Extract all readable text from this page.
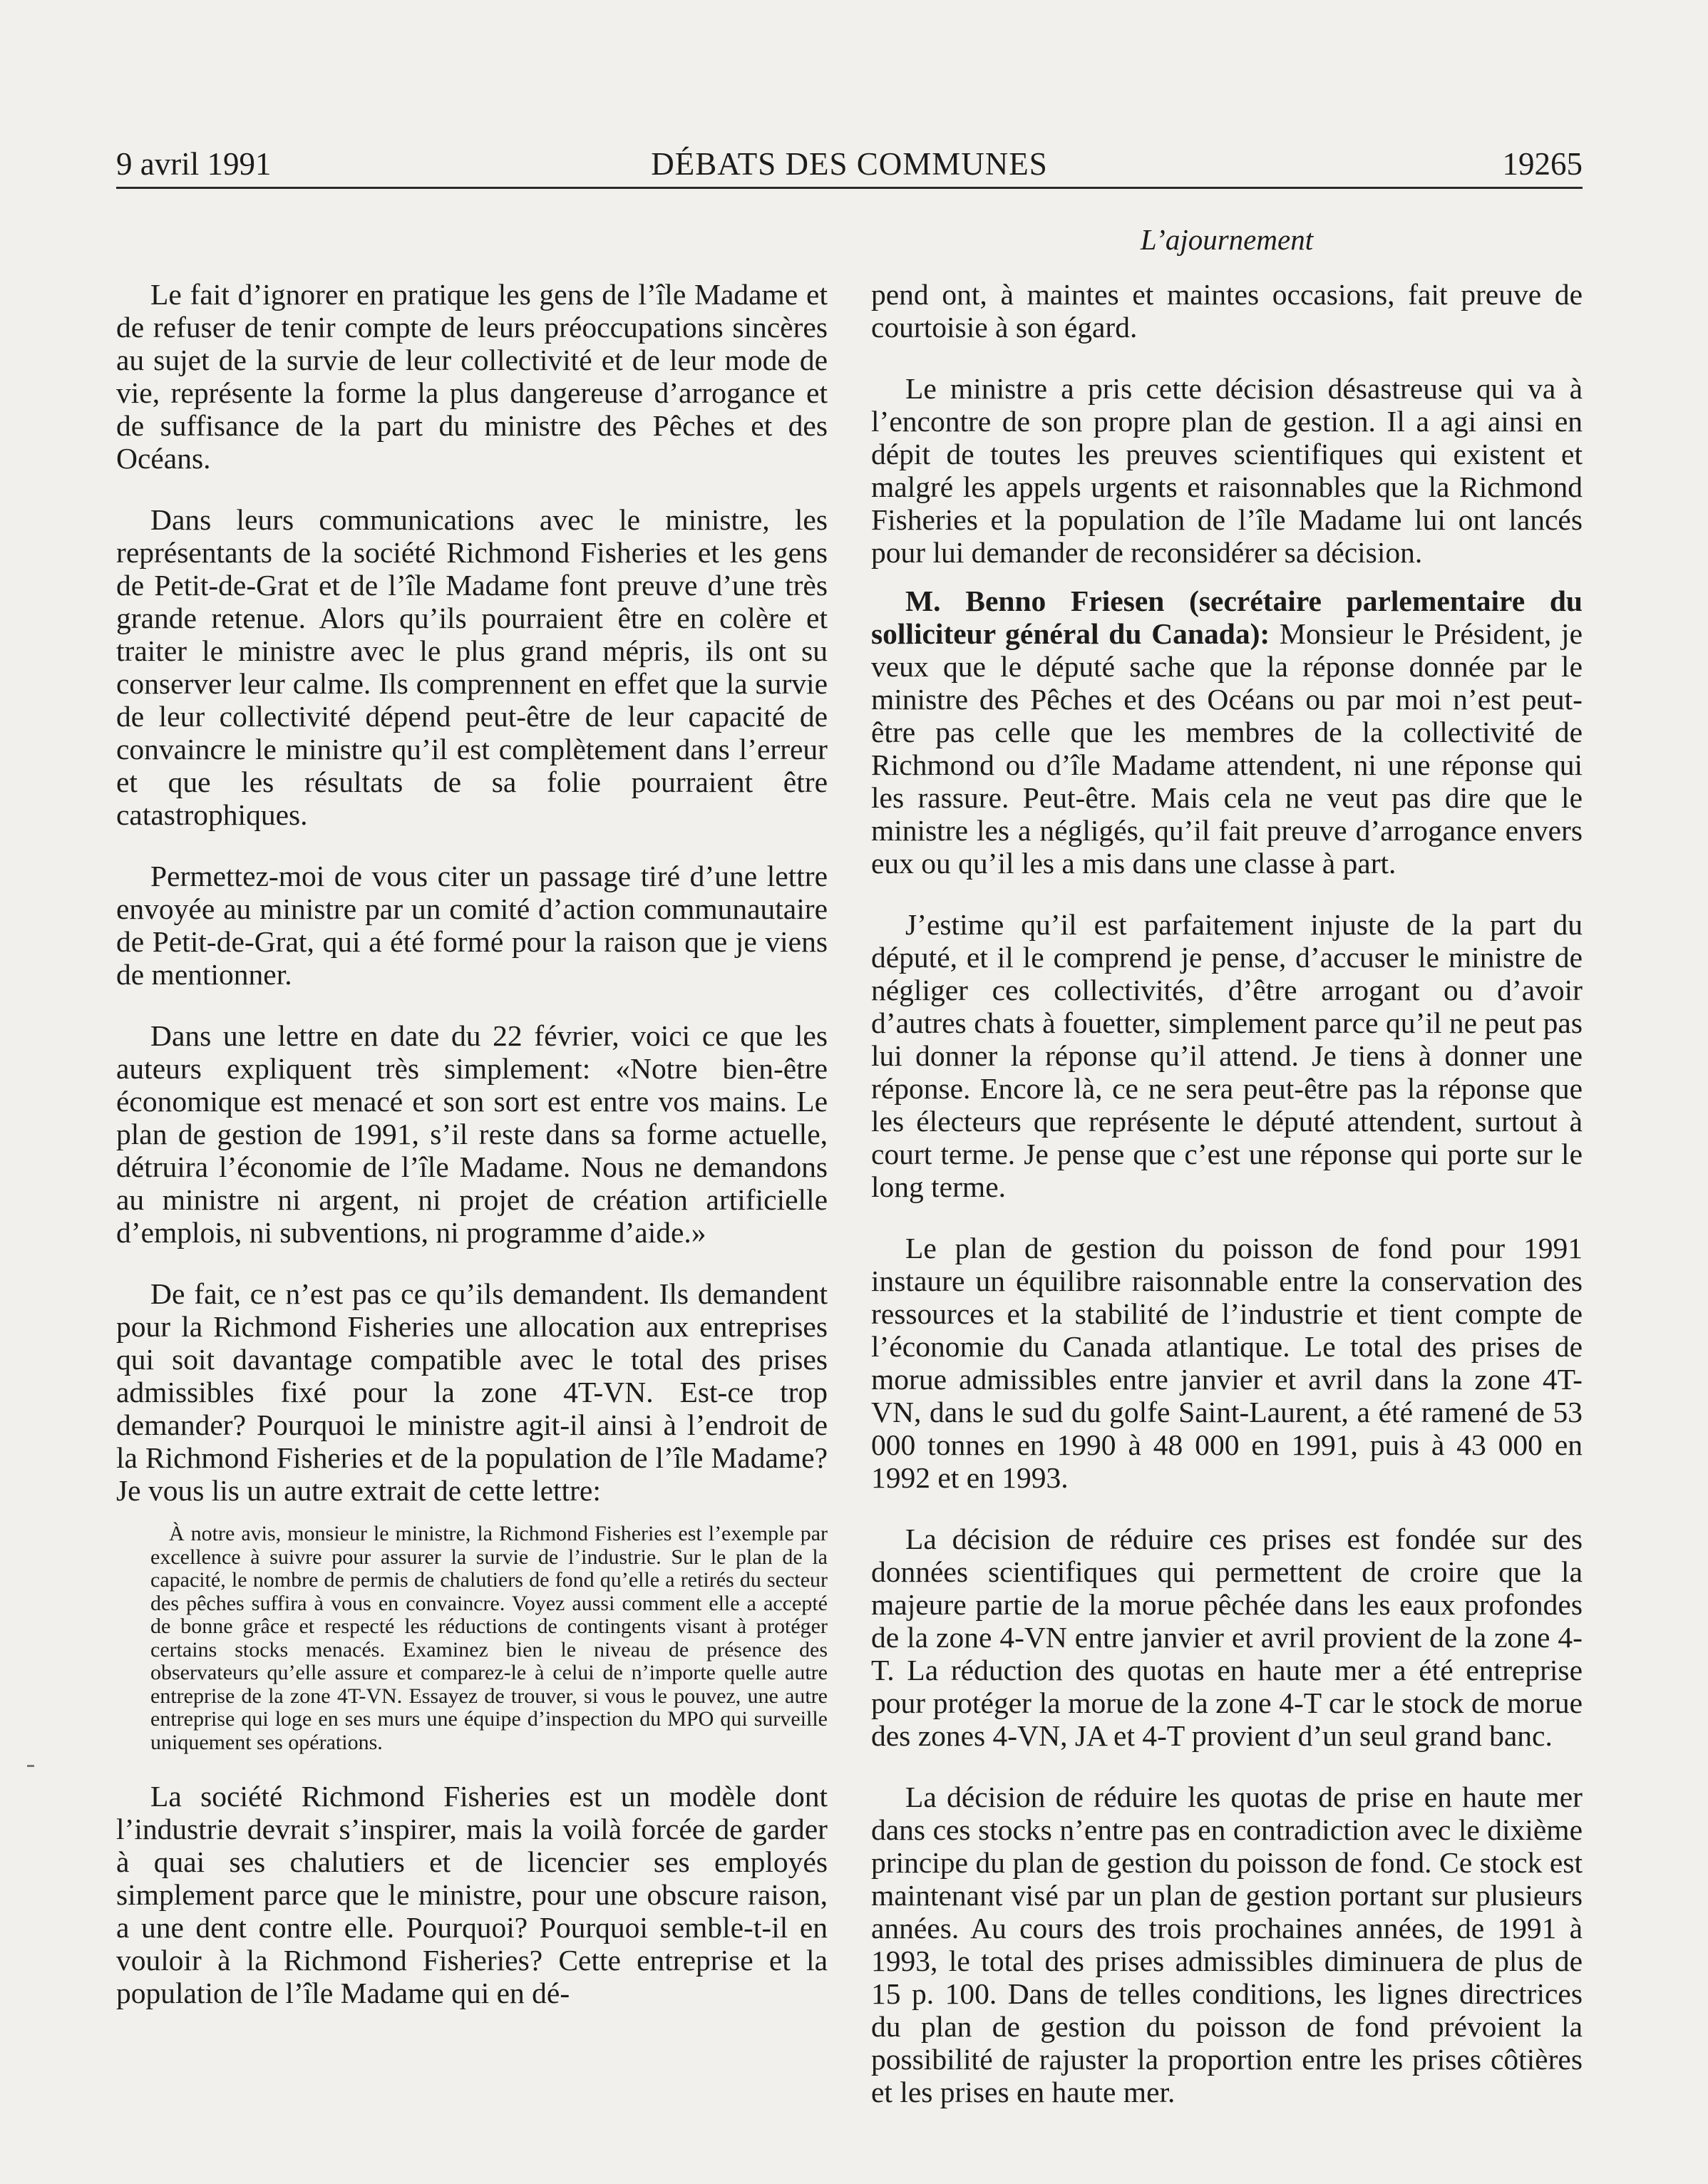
9 avril 1991	DÉBATS DES COMMUNES	19265
L’ajournement

Le fait d’ignorer en pratique les gens de l’île Madame et de refuser de tenir compte de leurs préoccupations sincères au sujet de la survie de leur collectivité et de leur mode de vie, représente la forme la plus dangereuse d’arrogance et de suffisance de la part du ministre des Pêches et des Océans.

Dans leurs communications avec le ministre, les représentants de la société Richmond Fisheries et les gens de Petit-de-Grat et de l’île Madame font preuve d’une très grande retenue. Alors qu’ils pourraient être en colère et traiter le ministre avec le plus grand mépris, ils ont su conserver leur calme. Ils comprennent en effet que la survie de leur collectivité dépend peut-être de leur capacité de convaincre le ministre qu’il est complètement dans l’erreur et que les résultats de sa folie pourraient être catastrophiques.

Permettez-moi de vous citer un passage tiré d’une lettre envoyée au ministre par un comité d’action communautaire de Petit-de-Grat, qui a été formé pour la raison que je viens de mentionner.

Dans une lettre en date du 22 février, voici ce que les auteurs expliquent très simplement: «Notre bien-être économique est menacé et son sort est entre vos mains. Le plan de gestion de 1991, s’il reste dans sa forme actuelle, détruira l’économie de l’île Madame. Nous ne demandons au ministre ni argent, ni projet de création artificielle d’emplois, ni subventions, ni programme d’aide.»

De fait, ce n’est pas ce qu’ils demandent. Ils demandent pour la Richmond Fisheries une allocation aux entreprises qui soit davantage compatible avec le total des prises admissibles fixé pour la zone 4T-VN. Est-ce trop demander? Pourquoi le ministre agit-il ainsi à l’endroit de la Richmond Fisheries et de la population de l’île Madame? Je vous lis un autre extrait de cette lettre:

À notre avis, monsieur le ministre, la Richmond Fisheries est l’exemple par excellence à suivre pour assurer la survie de l’industrie. Sur le plan de la capacité, le nombre de permis de chalutiers de fond qu’elle a retirés du secteur des pêches suffira à vous en convaincre. Voyez aussi comment elle a accepté de bonne grâce et respecté les réductions de contingents visant à protéger certains stocks menacés. Examinez bien le niveau de présence des observateurs qu’elle assure et comparez-le à celui de n’importe quelle autre entreprise de la zone 4T-VN. Essayez de trouver, si vous le pouvez, une autre entreprise qui loge en ses murs une équipe d’inspection du MPO qui surveille uniquement ses opérations.

La société Richmond Fisheries est un modèle dont l’industrie devrait s’inspirer, mais la voilà forcée de garder à quai ses chalutiers et de licencier ses employés simplement parce que le ministre, pour une obscure raison, a une dent contre elle. Pourquoi? Pourquoi semble-t-il en vouloir à la Richmond Fisheries? Cette entreprise et la population de l’île Madame qui en dé-

pend ont, à maintes et maintes occasions, fait preuve de courtoisie à son égard.

Le ministre a pris cette décision désastreuse qui va à l’encontre de son propre plan de gestion. Il a agi ainsi en dépit de toutes les preuves scientifiques qui existent et malgré les appels urgents et raisonnables que la Richmond Fisheries et la population de l’île Madame lui ont lancés pour lui demander de reconsidérer sa décision.

M. Benno Friesen (secrétaire parlementaire du solliciteur général du Canada): Monsieur le Président, je veux que le député sache que la réponse donnée par le ministre des Pêches et des Océans ou par moi n’est peut-être pas celle que les membres de la collectivité de Richmond ou d’île Madame attendent, ni une réponse qui les rassure. Peut-être. Mais cela ne veut pas dire que le ministre les a négligés, qu’il fait preuve d’arrogance envers eux ou qu’il les a mis dans une classe à part.

J’estime qu’il est parfaitement injuste de la part du député, et il le comprend je pense, d’accuser le ministre de négliger ces collectivités, d’être arrogant ou d’avoir d’autres chats à fouetter, simplement parce qu’il ne peut pas lui donner la réponse qu’il attend. Je tiens à donner une réponse. Encore là, ce ne sera peut-être pas la réponse que les électeurs que représente le député attendent, surtout à court terme. Je pense que c’est une réponse qui porte sur le long terme.

Le plan de gestion du poisson de fond pour 1991 instaure un équilibre raisonnable entre la conservation des ressources et la stabilité de l’industrie et tient compte de l’économie du Canada atlantique. Le total des prises de morue admissibles entre janvier et avril dans la zone 4T-VN, dans le sud du golfe Saint-Laurent, a été ramené de 53 000 tonnes en 1990 à 48 000 en 1991, puis à 43 000 en 1992 et en 1993.

La décision de réduire ces prises est fondée sur des données scientifiques qui permettent de croire que la majeure partie de la morue pêchée dans les eaux profondes de la zone 4-VN entre janvier et avril provient de la zone 4-T. La réduction des quotas en haute mer a été entreprise pour protéger la morue de la zone 4-T car le stock de morue des zones 4-VN, JA et 4-T provient d’un seul grand banc.

La décision de réduire les quotas de prise en haute mer dans ces stocks n’entre pas en contradiction avec le dixième principe du plan de gestion du poisson de fond. Ce stock est maintenant visé par un plan de gestion portant sur plusieurs années. Au cours des trois prochaines années, de 1991 à 1993, le total des prises admissibles diminuera de plus de 15 p. 100. Dans de telles conditions, les lignes directrices du plan de gestion du poisson de fond prévoient la possibilité de rajuster la proportion entre les prises côtières et les prises en haute mer.
